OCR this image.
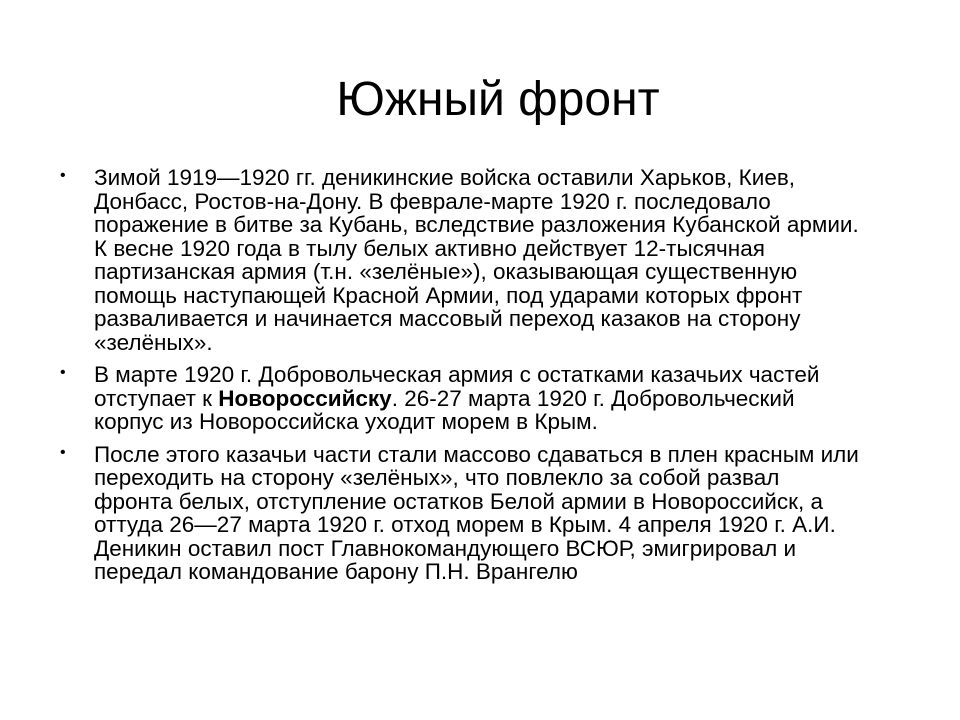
Южный фронт
• Зимой 1919—1920 гг. деникинские войска оставили Харьков, Киев, Донбасс, Ростов-на-Дону. В феврале-марте 1920 г. последовало поражение в битве за Кубань, вследствие разложения Кубанской армии. К весне 1920 года в тылу белых активно действует 12-тысячная партизанская армия (т.н. «зелёные»), оказывающая существенную помощь наступающей Красной Армии, под ударами которых фронт разваливается и начинается массовый переход казаков на сторону «зелёных».
• В марте 1920 г. Добровольческая армия с остатками казачьих частей отступает к Новороссийску. 26-27 марта 1920 г. Добровольческий корпус из Новороссийска уходит морем в Крым.
• После этого казачьи части стали массово сдаваться в плен красным или переходить на сторону «зелёных», что повлекло за собой развал фронта белых, отступление остатков Белой армии в Новороссийск, а оттуда 26—27 марта 1920 г. отход морем в Крым. 4 апреля 1920 г. А.И. Деникин оставил пост Главнокомандующего ВСЮР, эмигрировал и передал командование барону П.Н. Врангелю
